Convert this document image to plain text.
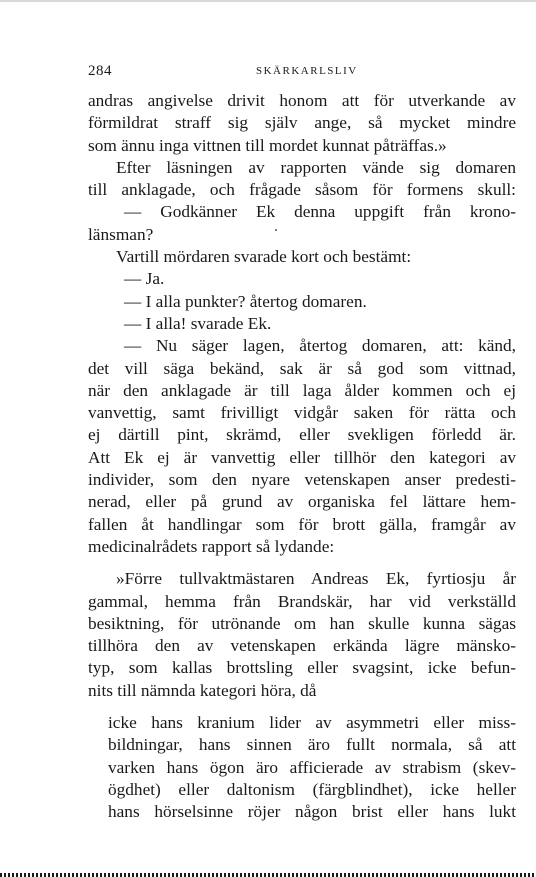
284	SKÄRKARLSLIV
andras angivelse drivit honom att för utverkande av
förmildrat straff sig själv ange, så mycket mindre
som ännu inga vittnen till mordet kunnat påträffas.»
Efter läsningen av rapporten vände sig domaren
till anklagade, och frågade såsom för formens skull:
— Godkänner Ek denna uppgift från krono-
länsman?
Vartill mördaren svarade kort och bestämt:
— Ja.
— I alla punkter? återtog domaren.
— I alla! svarade Ek.
— Nu säger lagen, återtog domaren, att: känd,
det vill säga bekänd, sak är så god som vittnad,
när den anklagade är till laga ålder kommen och ej
vanvettig, samt frivilligt vidgår saken för rätta och
ej därtill pint, skrämd, eller svekligen förledd är.
Att Ek ej är vanvettig eller tillhör den kategori av
individer, som den nyare vetenskapen anser predesti-
nerad, eller på grund av organiska fel lättare hem-
fallen åt handlingar som för brott gälla, framgår av
medicinalrådets rapport så lydande:
»Förre tullvaktmästaren Andreas Ek, fyrtiosju år
gammal, hemma från Brandskär, har vid verkställd
besiktning, för utrönande om han skulle kunna sägas
tillhöra den av vetenskapen erkända lägre mänsko-
typ, som kallas brottsling eller svagsint, icke befun-
nits till nämnda kategori höra, då
icke hans kranium lider av asymmetri eller miss-
bildningar, hans sinnen äro fullt normala, så att
varken hans ögon äro afficierade av strabism (skev-
ögdhet) eller daltonism (färgblindhet), icke heller
hans hörselsinne röjer någon brist eller hans lukt
